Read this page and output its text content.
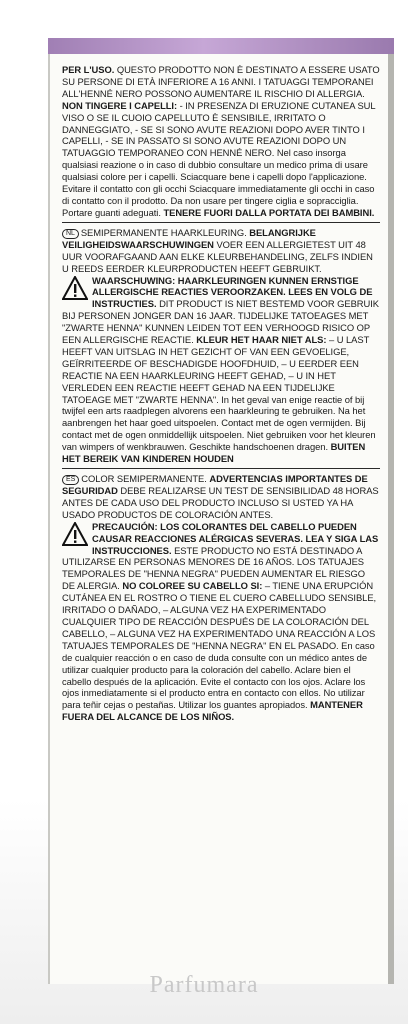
PER L'USO. QUESTO PRODOTTO NON È DESTINATO A ESSERE USATO SU PERSONE DI ETÀ INFERIORE A 16 ANNI. I TATUAGGI TEMPORANEI ALL'HENNÉ NERO POSSONO AUMENTARE IL RISCHIO DI ALLERGIA. NON TINGERE I CAPELLI: - IN PRESENZA DI ERUZIONE CUTANEA SUL VISO O SE IL CUOIO CAPELLUTO È SENSIBILE, IRRITATO O DANNEGGIATO, - SE SI SONO AVUTE REAZIONI DOPO AVER TINTO I CAPELLI, - SE IN PASSATO SI SONO AVUTE REAZIONI DOPO UN TATUAGGIO TEMPORANEO CON HENNÉ NERO. Nel caso insorga qualsiasi reazione o in caso di dubbio consultare un medico prima di usare qualsiasi colore per i capelli. Sciacquare bene i capelli dopo l'applicazione. Evitare il contatto con gli occhi Sciacquare immediatamente gli occhi in caso di contatto con il prodotto. Da non usare per tingere ciglia e sopracciglia. Portare guanti adeguati. TENERE FUORI DALLA PORTATA DEI BAMBINI.
NL SEMIPERMANENTE HAARKLEURING. BELANGRIJKE VEILIGHEIDSWAARSCHUWINGEN VOER EEN ALLERGIETEST UIT 48 UUR VOORAFGAAND AAN ELKE KLEURBEHANDELING, ZELFS INDIEN U REEDS EERDER KLEURPRODUCTEN HEEFT GEBRUIKT.

WAARSCHUWING: HAARKLEURINGEN KUNNEN ERNSTIGE ALLERGISCHE REACTIES VEROORZAKEN. LEES EN VOLG DE INSTRUCTIES. DIT PRODUCT IS NIET BESTEMD VOOR GEBRUIK BIJ PERSONEN JONGER DAN 16 JAAR. TIJDELIJKE TATOEAGES MET "ZWARTE HENNA" KUNNEN LEIDEN TOT EEN VERHOOGD RISICO OP EEN ALLERGISCHE REACTIE. KLEUR HET HAAR NIET ALS: – U LAST HEEFT VAN UITSLAG IN HET GEZICHT OF VAN EEN GEVOELIGE, GEÏRRITEERDE OF BESCHADIGDE HOOFDHUID, – U EERDER EEN REACTIE NA EEN HAARKLEURING HEEFT GEHAD, – U IN HET VERLEDEN EEN REACTIE HEEFT GEHAD NA EEN TIJDELIJKE TATOEAGE MET "ZWARTE HENNA". In het geval van enige reactie of bij twijfel een arts raadplegen alvorens een haarkleuring te gebruiken. Na het aanbrengen het haar goed uitspoelen. Contact met de ogen vermijden. Bij contact met de ogen onmiddellijk uitspoelen. Niet gebruiken voor het kleuren van wimpers of wenkbrauwen. Geschikte handschoenen dragen. BUITEN HET BEREIK VAN KINDEREN HOUDEN
ES COLOR SEMIPERMANENTE. ADVERTENCIAS IMPORTANTES DE SEGURIDAD DEBE REALIZARSE UN TEST DE SENSIBILIDAD 48 HORAS ANTES DE CADA USO DEL PRODUCTO INCLUSO SI USTED YA HA USADO PRODUCTOS DE COLORACIÓN ANTES.

PRECAUCIÓN: LOS COLORANTES DEL CABELLO PUEDEN CAUSAR REACCIONES ALÉRGICAS SEVERAS. LEA Y SIGA LAS INSTRUCCIONES. ESTE PRODUCTO NO ESTÁ DESTINADO A UTILIZARSE EN PERSONAS MENORES DE 16 AÑOS. LOS TATUAJES TEMPORALES DE "HENNA NEGRA" PUEDEN AUMENTAR EL RIESGO DE ALERGIA. NO COLOREE SU CABELLO SI: – TIENE UNA ERUPCIÓN CUTÁNEA EN EL ROSTRO O TIENE EL CUERO CABELLUDO SENSIBLE, IRRITADO O DAÑADO, – ALGUNA VEZ HA EXPERIMENTADO CUALQUIER TIPO DE REACCIÓN DESPUÉS DE LA COLORACIÓN DEL CABELLO, – ALGUNA VEZ HA EXPERIMENTADO UNA REACCIÓN A LOS TATUAJES TEMPORALES DE "HENNA NEGRA" EN EL PASADO. En caso de cualquier reacción o en caso de duda consulte con un médico antes de utilizar cualquier producto para la coloración del cabello. Aclare bien el cabello después de la aplicación. Evite el contacto con los ojos. Aclare los ojos inmediatamente si el producto entra en contacto con ellos. No utilizar para teñir cejas o pestañas. Utilizar los guantes apropiados. MANTENER FUERA DEL ALCANCE DE LOS NIÑOS.
Parfumara
